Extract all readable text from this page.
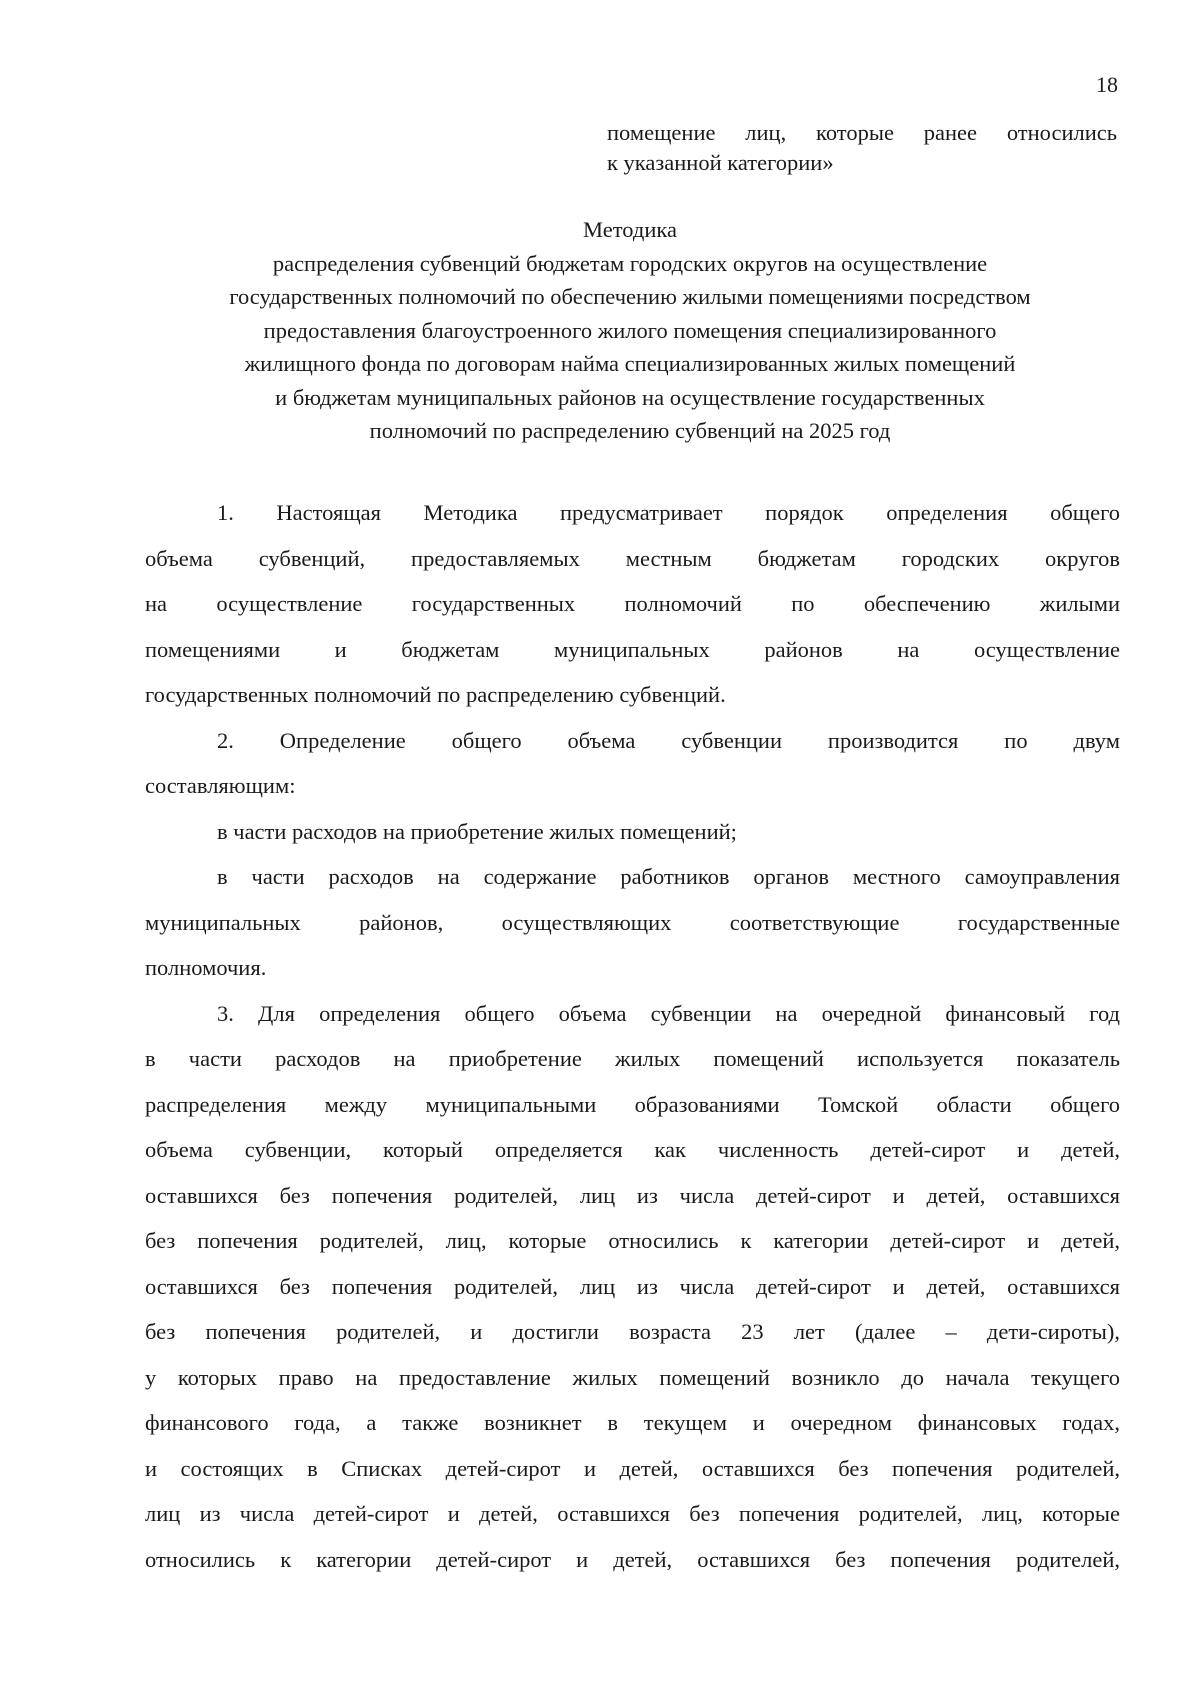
18
помещение лиц, которые ранее относились
к указанной категории»
Методика
распределения субвенций бюджетам городских округов на осуществление
государственных полномочий по обеспечению жилыми помещениями посредством
предоставления благоустроенного жилого помещения специализированного
жилищного фонда по договорам найма специализированных жилых помещений
и бюджетам муниципальных районов на осуществление государственных
полномочий по распределению субвенций на 2025 год
1. Настоящая Методика предусматривает порядок определения общего
объема субвенций, предоставляемых местным бюджетам городских округов
на осуществление государственных полномочий по обеспечению жилыми
помещениями и бюджетам муниципальных районов на осуществление
государственных полномочий по распределению субвенций.
2. Определение общего объема субвенции производится по двум
составляющим:
в части расходов на приобретение жилых помещений;
в части расходов на содержание работников органов местного самоуправления
муниципальных районов, осуществляющих соответствующие государственные
полномочия.
3. Для определения общего объема субвенции на очередной финансовый год
в части расходов на приобретение жилых помещений используется показатель
распределения между муниципальными образованиями Томской области общего
объема субвенции, который определяется как численность детей-сирот и детей,
оставшихся без попечения родителей, лиц из числа детей-сирот и детей, оставшихся
без попечения родителей, лиц, которые относились к категории детей-сирот и детей,
оставшихся без попечения родителей, лиц из числа детей-сирот и детей, оставшихся
без попечения родителей, и достигли возраста 23 лет (далее – дети-сироты),
у которых право на предоставление жилых помещений возникло до начала текущего
финансового года, а также возникнет в текущем и очередном финансовых годах,
и состоящих в Списках детей-сирот и детей, оставшихся без попечения родителей,
лиц из числа детей-сирот и детей, оставшихся без попечения родителей, лиц, которые
относились к категории детей-сирот и детей, оставшихся без попечения родителей,
